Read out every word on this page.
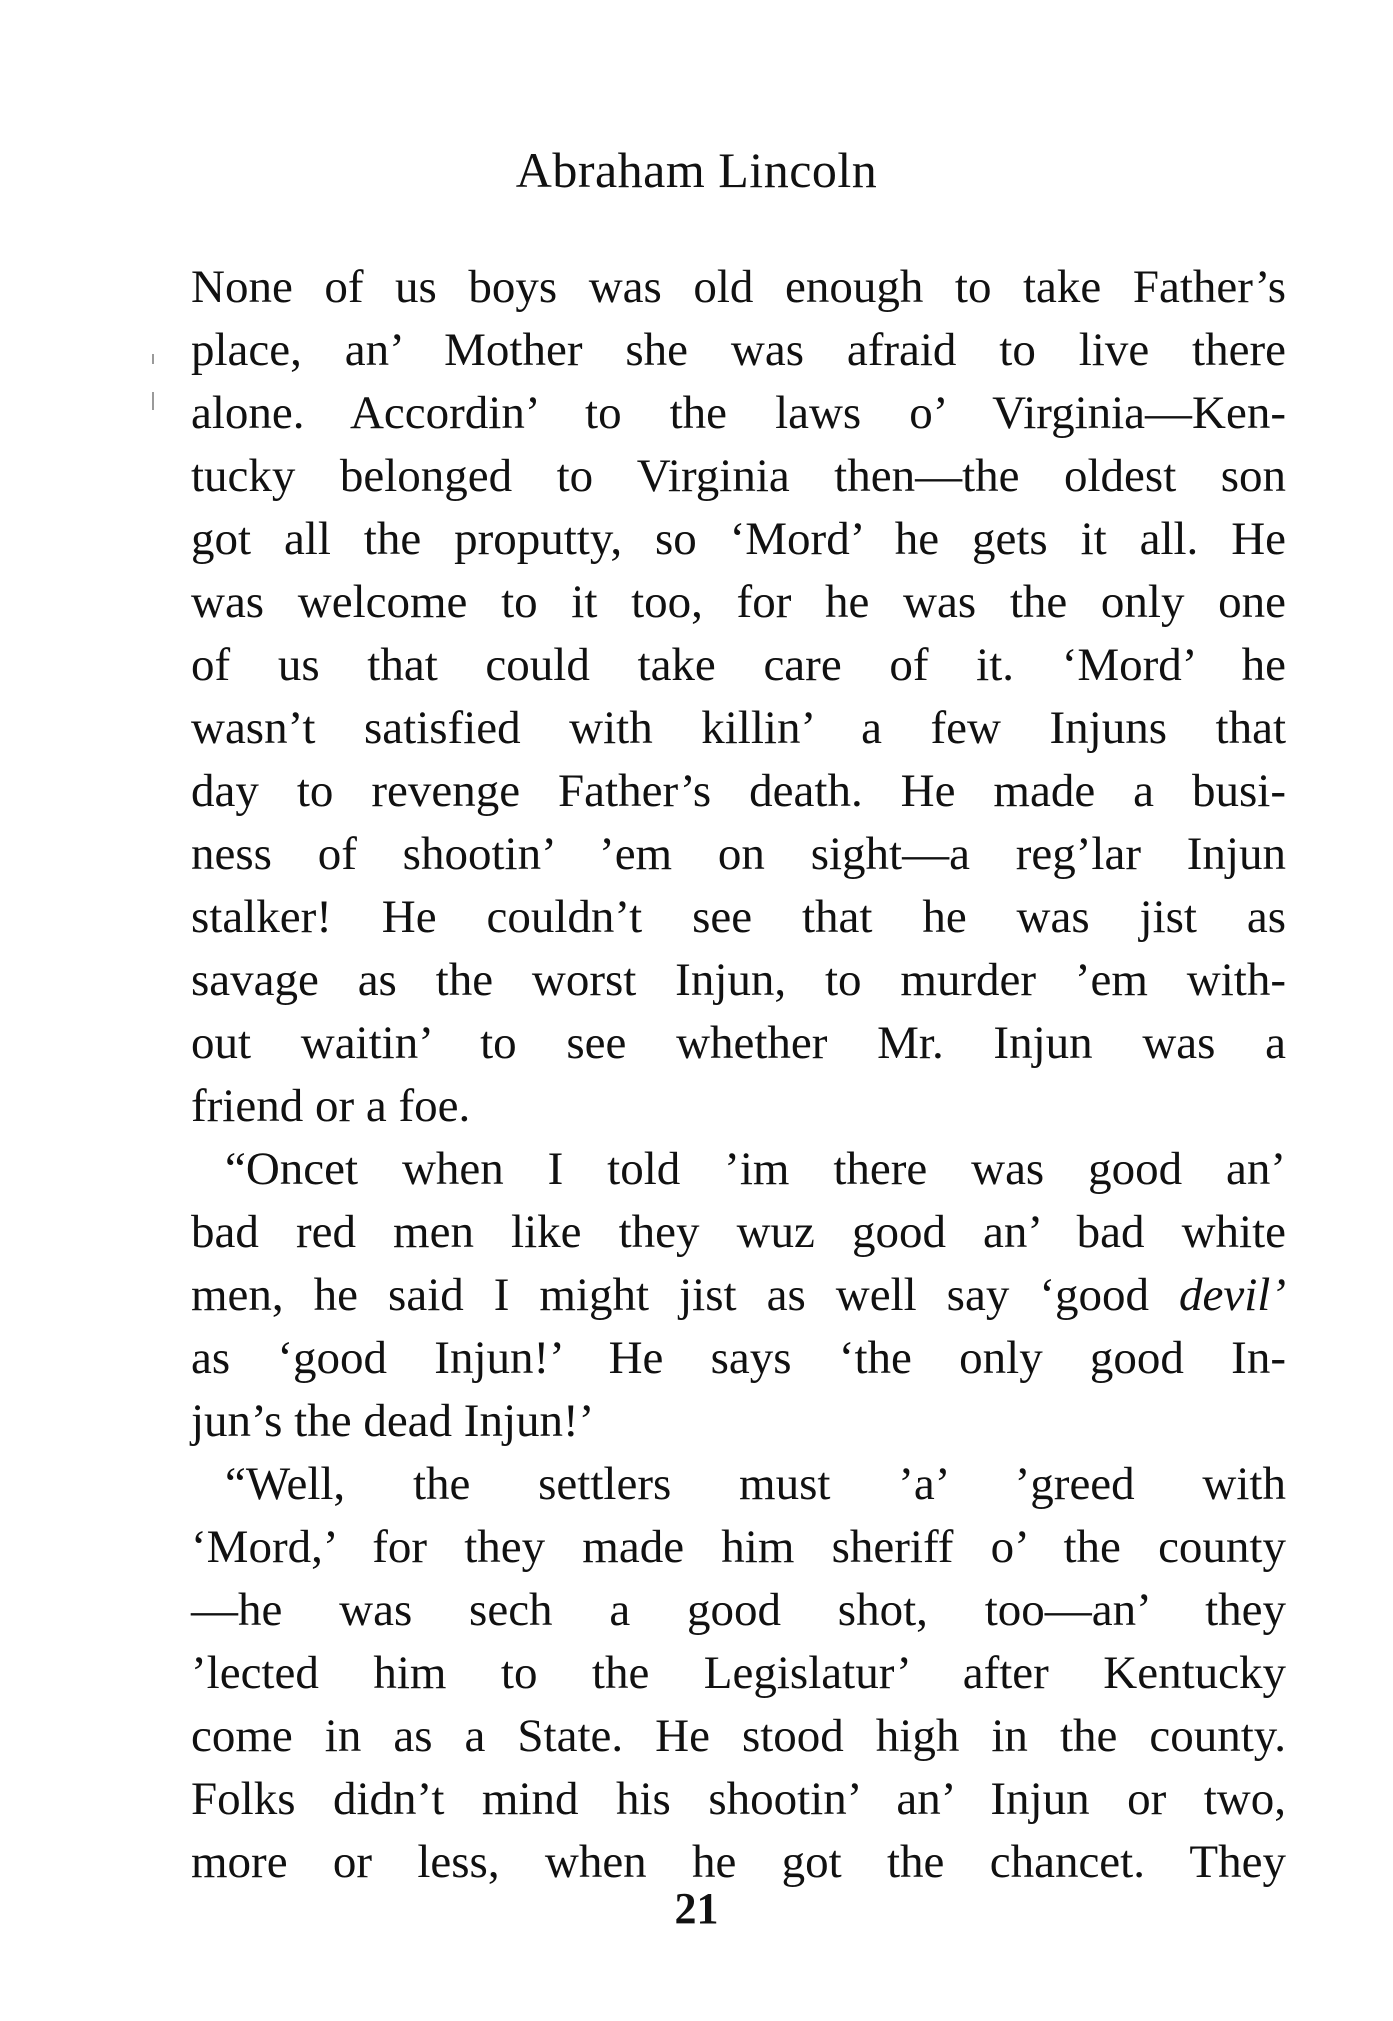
Abraham Lincoln
None of us boys was old enough to take Father’s
place, an’ Mother she was afraid to live there
alone. Accordin’ to the laws o’ Virginia—Ken-
tucky belonged to Virginia then—the oldest son
got all the proputty, so ‘Mord’ he gets it all. He
was welcome to it too, for he was the only one
of us that could take care of it. ‘Mord’ he
wasn’t satisfied with killin’ a few Injuns that
day to revenge Father’s death. He made a busi-
ness of shootin’ ’em on sight—a reg’lar Injun
stalker! He couldn’t see that he was jist as
savage as the worst Injun, to murder ’em with-
out waitin’ to see whether Mr. Injun was a
friend or a foe.
“Oncet when I told ’im there was good an’
bad red men like they wuz good an’ bad white
men, he said I might jist as well say ‘good devil’
as ‘good Injun!’ He says ‘the only good In-
jun’s the dead Injun!’
“Well, the settlers must ’a’ ’greed with
‘Mord,’ for they made him sheriff o’ the county
—he was sech a good shot, too—an’ they
’lected him to the Legislatur’ after Kentucky
come in as a State. He stood high in the county.
Folks didn’t mind his shootin’ an’ Injun or two,
more or less, when he got the chancet. They
21
